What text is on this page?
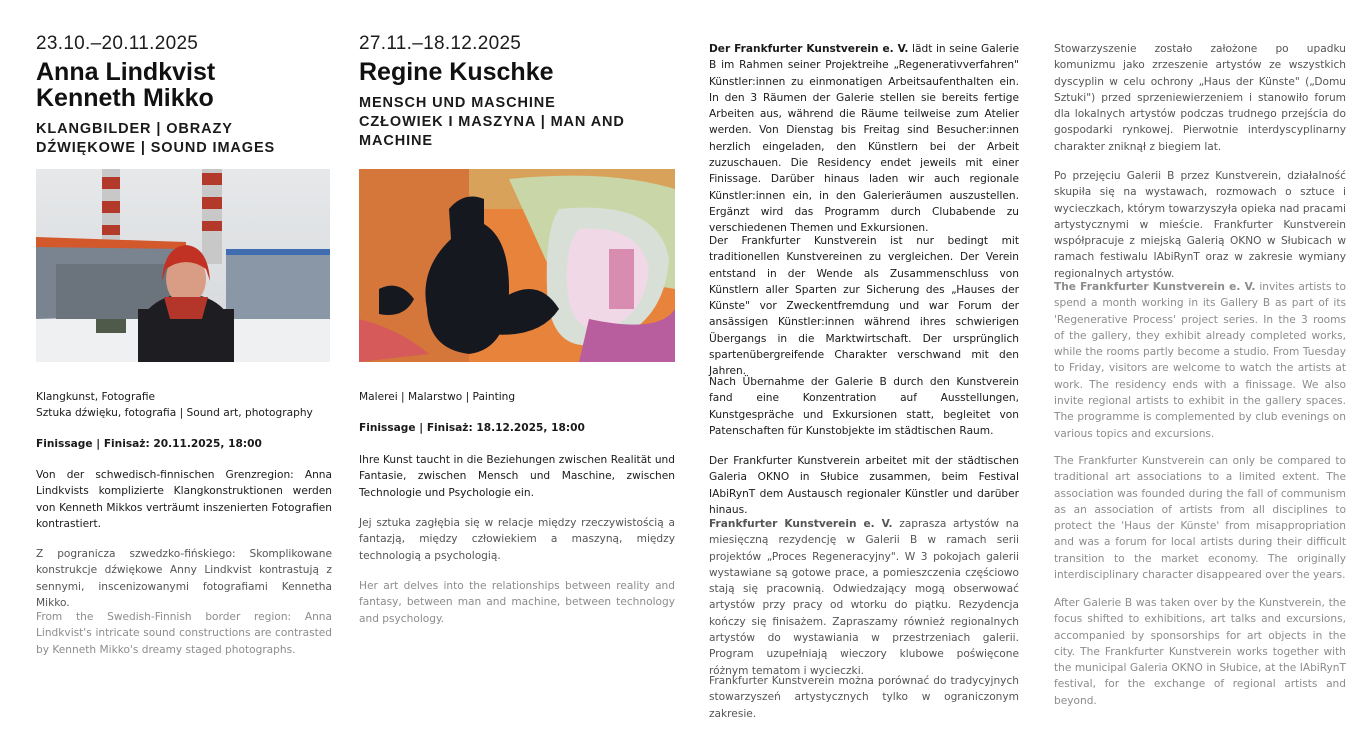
23.10.–20.11.2025
Anna Lindkvist
Kenneth Mikko
KLANGBILDER | OBRAZY
DŹWIĘKOWE | SOUND IMAGES
Klangkunst, Fotografie
Sztuka dźwięku, fotografia | Sound art, photography
Finissage | Finisaż: 20.11.2025, 18:00

Von der schwedisch-finnischen Grenzregion: Anna Lindkvists komplizierte Klangkonstruktionen werden von Kenneth Mikkos verträumt inszenierten Fotografien kontrastiert.

Z pogranicza szwedzko-fińskiego: Skomplikowane konstrukcje dźwiękowe Anny Lindkvist kontrastują z sennymi, inscenizowanymi fotografiami Kennetha Mikko.

From the Swedish-Finnish border region: Anna Lindkvist's intricate sound constructions are contrasted by Kenneth Mikko's dreamy staged photographs.

27.11.–18.12.2025
Regine Kuschke
MENSCH UND MASCHINE
CZŁOWIEK I MASZYNA | MAN AND
MACHINE
Malerei | Malarstwo | Painting
Finissage | Finisaż: 18.12.2025, 18:00

Ihre Kunst taucht in die Beziehungen zwischen Realität und Fantasie, zwischen Mensch und Maschine, zwischen Technologie und Psychologie ein.

Jej sztuka zagłębia się w relacje między rzeczywistością a fantazją, między człowiekiem a maszyną, między technologią a psychologią.

Her art delves into the relationships between reality and fantasy, between man and machine, between technology and psychology.

Der Frankfurter Kunstverein e. V. lädt in seine Galerie B im Rahmen seiner Projektreihe „Regenerativverfahren" Künstler:innen zu einmonatigen Arbeitsaufenthalten ein. In den 3 Räumen der Galerie stellen sie bereits fertige Arbeiten aus, während die Räume teilweise zum Atelier werden. Von Dienstag bis Freitag sind Besucher:innen herzlich eingeladen, den Künstlern bei der Arbeit zuzuschauen. Die Residency endet jeweils mit einer Finissage. Darüber hinaus laden wir auch regionale Künstler:innen ein, in den Galerieräumen auszustellen. Ergänzt wird das Programm durch Clubabende zu verschiedenen Themen und Exkursionen.

Der Frankfurter Kunstverein ist nur bedingt mit traditionellen Kunstvereinen zu vergleichen. Der Verein entstand in der Wende als Zusammenschluss von Künstlern aller Sparten zur Sicherung des „Hauses der Künste" vor Zweckentfremdung und war Forum der ansässigen Künstler:innen während ihres schwierigen Übergangs in die Marktwirtschaft. Der ursprünglich spartenübergreifende Charakter verschwand mit den Jahren.

Nach Übernahme der Galerie B durch den Kunstverein fand eine Konzentration auf Ausstellungen, Kunstgespräche und Exkursionen statt, begleitet von Patenschaften für Kunstobjekte im städtischen Raum.

Der Frankfurter Kunstverein arbeitet mit der städtischen Galeria OKNO in Słubice zusammen, beim Festival IAbiRynT dem Austausch regionaler Künstler und darüber hinaus.

Frankfurter Kunstverein e. V. zaprasza artystów na miesięczną rezydencję w Galerii B w ramach serii projektów „Proces Regeneracyjny". W 3 pokojach galerii wystawiane są gotowe prace, a pomieszczenia częściowo stają się pracownią. Odwiedzający mogą obserwować artystów przy pracy od wtorku do piątku. Rezydencja kończy się finisażem. Zapraszamy również regionalnych artystów do wystawiania w przestrzeniach galerii. Program uzupełniają wieczory klubowe poświęcone różnym tematom i wycieczki.

Frankfurter Kunstverein można porównać do tradycyjnych stowarzyszeń artystycznych tylko w ograniczonym zakresie.

Stowarzyszenie zostało założone po upadku komunizmu jako zrzeszenie artystów ze wszystkich dyscyplin w celu ochrony „Haus der Künste" („Domu Sztuki") przed sprzeniewierzeniem i stanowiło forum dla lokalnych artystów podczas trudnego przejścia do gospodarki rynkowej. Pierwotnie interdyscyplinarny charakter zniknął z biegiem lat.

Po przejęciu Galerii B przez Kunstverein, działalność skupiła się na wystawach, rozmowach o sztuce i wycieczkach, którym towarzyszyła opieka nad pracami artystycznymi w mieście. Frankfurter Kunstverein współpracuje z miejską Galerią OKNO w Słubicach w ramach festiwalu IAbiRynT oraz w zakresie wymiany regionalnych artystów.

The Frankfurter Kunstverein e. V. invites artists to spend a month working in its Gallery B as part of its 'Regenerative Process' project series. In the 3 rooms of the gallery, they exhibit already completed works, while the rooms partly become a studio. From Tuesday to Friday, visitors are welcome to watch the artists at work. The residency ends with a finissage. We also invite regional artists to exhibit in the gallery spaces. The programme is complemented by club evenings on various topics and excursions.

The Frankfurter Kunstverein can only be compared to traditional art associations to a limited extent. The association was founded during the fall of communism as an association of artists from all disciplines to protect the 'Haus der Künste' from misappropriation and was a forum for local artists during their difficult transition to the market economy. The originally interdisciplinary character disappeared over the years.

After Galerie B was taken over by the Kunstverein, the focus shifted to exhibitions, art talks and excursions, accompanied by sponsorships for art objects in the city. The Frankfurter Kunstverein works together with the municipal Galeria OKNO in Słubice, at the IAbiRynT festival, for the exchange of regional artists and beyond.
